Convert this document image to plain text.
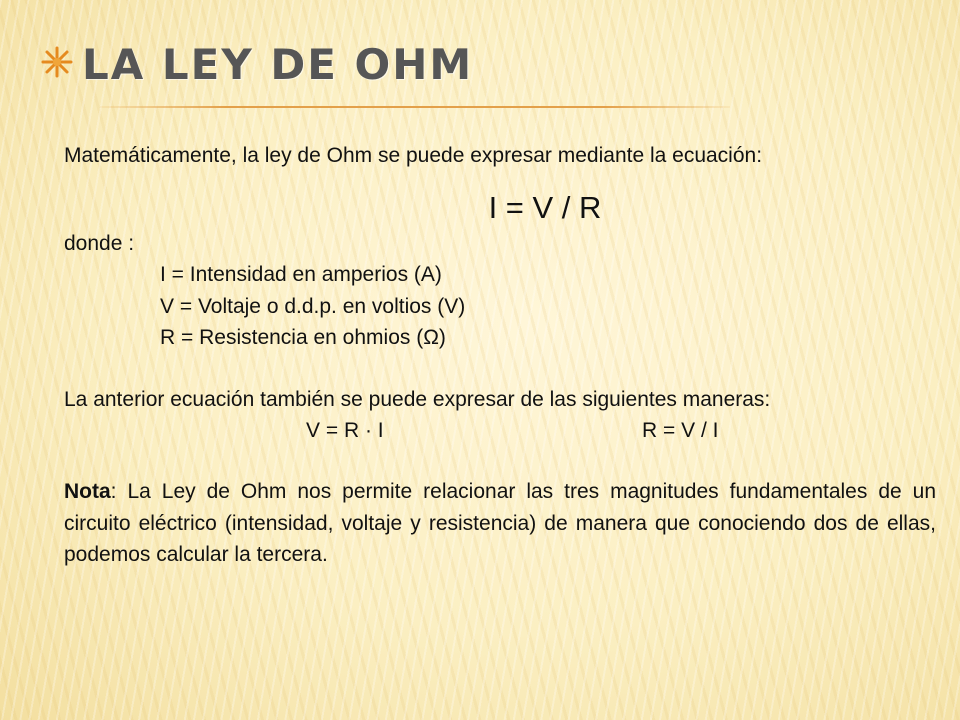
LA LEY DE OHM

Matemáticamente, la ley de Ohm se puede expresar mediante la ecuación:

I = V / R

donde :

I = Intensidad en amperios (A)

V = Voltaje o d.d.p. en voltios (V)

R = Resistencia en ohmios (Ω)

La anterior ecuación también se puede expresar de las siguientes maneras:

V = R · I	R = V / I

Nota: La Ley de Ohm nos permite relacionar las tres magnitudes fundamentales de un circuito eléctrico (intensidad, voltaje y resistencia) de manera que conociendo dos de ellas, podemos calcular la tercera.
